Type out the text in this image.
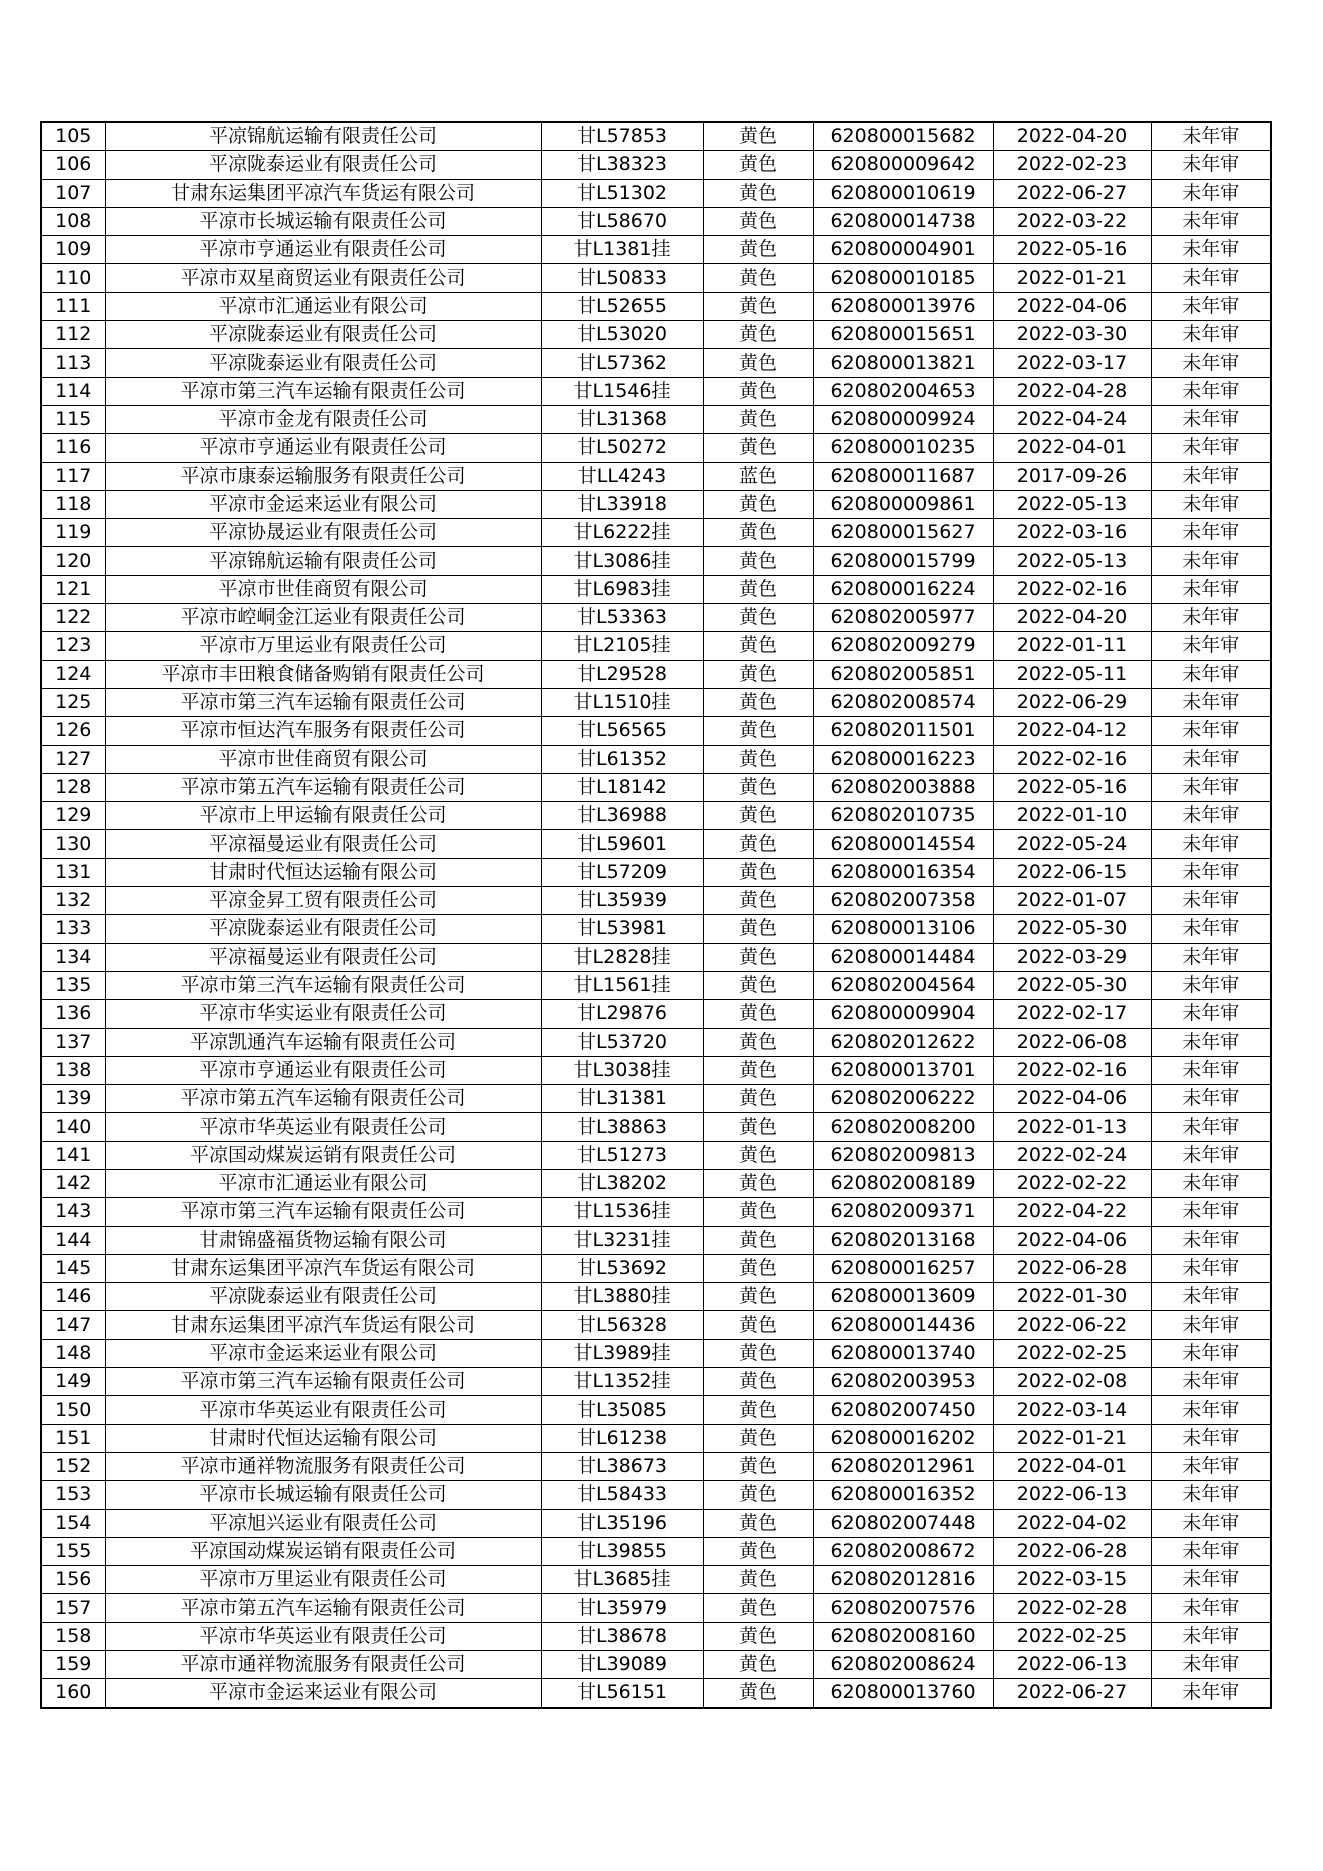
105	平凉锦航运输有限责任公司	甘L57853	黄色	620800015682	2022-04-20	未年审
106	平凉陇泰运业有限责任公司	甘L38323	黄色	620800009642	2022-02-23	未年审
107	甘肃东运集团平凉汽车货运有限公司	甘L51302	黄色	620800010619	2022-06-27	未年审
108	平凉市长城运输有限责任公司	甘L58670	黄色	620800014738	2022-03-22	未年审
109	平凉市亨通运业有限责任公司	甘L1381挂	黄色	620800004901	2022-05-16	未年审
110	平凉市双星商贸运业有限责任公司	甘L50833	黄色	620800010185	2022-01-21	未年审
111	平凉市汇通运业有限公司	甘L52655	黄色	620800013976	2022-04-06	未年审
112	平凉陇泰运业有限责任公司	甘L53020	黄色	620800015651	2022-03-30	未年审
113	平凉陇泰运业有限责任公司	甘L57362	黄色	620800013821	2022-03-17	未年审
114	平凉市第三汽车运输有限责任公司	甘L1546挂	黄色	620802004653	2022-04-28	未年审
115	平凉市金龙有限责任公司	甘L31368	黄色	620800009924	2022-04-24	未年审
116	平凉市亨通运业有限责任公司	甘L50272	黄色	620800010235	2022-04-01	未年审
117	平凉市康泰运输服务有限责任公司	甘LL4243	蓝色	620800011687	2017-09-26	未年审
118	平凉市金运来运业有限公司	甘L33918	黄色	620800009861	2022-05-13	未年审
119	平凉协晟运业有限责任公司	甘L6222挂	黄色	620800015627	2022-03-16	未年审
120	平凉锦航运输有限责任公司	甘L3086挂	黄色	620800015799	2022-05-13	未年审
121	平凉市世佳商贸有限公司	甘L6983挂	黄色	620800016224	2022-02-16	未年审
122	平凉市崆峒金江运业有限责任公司	甘L53363	黄色	620802005977	2022-04-20	未年审
123	平凉市万里运业有限责任公司	甘L2105挂	黄色	620802009279	2022-01-11	未年审
124	平凉市丰田粮食储备购销有限责任公司	甘L29528	黄色	620802005851	2022-05-11	未年审
125	平凉市第三汽车运输有限责任公司	甘L1510挂	黄色	620802008574	2022-06-29	未年审
126	平凉市恒达汽车服务有限责任公司	甘L56565	黄色	620802011501	2022-04-12	未年审
127	平凉市世佳商贸有限公司	甘L61352	黄色	620800016223	2022-02-16	未年审
128	平凉市第五汽车运输有限责任公司	甘L18142	黄色	620802003888	2022-05-16	未年审
129	平凉市上甲运输有限责任公司	甘L36988	黄色	620802010735	2022-01-10	未年审
130	平凉福曼运业有限责任公司	甘L59601	黄色	620800014554	2022-05-24	未年审
131	甘肃时代恒达运输有限公司	甘L57209	黄色	620800016354	2022-06-15	未年审
132	平凉金昇工贸有限责任公司	甘L35939	黄色	620802007358	2022-01-07	未年审
133	平凉陇泰运业有限责任公司	甘L53981	黄色	620800013106	2022-05-30	未年审
134	平凉福曼运业有限责任公司	甘L2828挂	黄色	620800014484	2022-03-29	未年审
135	平凉市第三汽车运输有限责任公司	甘L1561挂	黄色	620802004564	2022-05-30	未年审
136	平凉市华实运业有限责任公司	甘L29876	黄色	620800009904	2022-02-17	未年审
137	平凉凯通汽车运输有限责任公司	甘L53720	黄色	620802012622	2022-06-08	未年审
138	平凉市亨通运业有限责任公司	甘L3038挂	黄色	620800013701	2022-02-16	未年审
139	平凉市第五汽车运输有限责任公司	甘L31381	黄色	620802006222	2022-04-06	未年审
140	平凉市华英运业有限责任公司	甘L38863	黄色	620802008200	2022-01-13	未年审
141	平凉国动煤炭运销有限责任公司	甘L51273	黄色	620802009813	2022-02-24	未年审
142	平凉市汇通运业有限公司	甘L38202	黄色	620802008189	2022-02-22	未年审
143	平凉市第三汽车运输有限责任公司	甘L1536挂	黄色	620802009371	2022-04-22	未年审
144	甘肃锦盛福货物运输有限公司	甘L3231挂	黄色	620802013168	2022-04-06	未年审
145	甘肃东运集团平凉汽车货运有限公司	甘L53692	黄色	620800016257	2022-06-28	未年审
146	平凉陇泰运业有限责任公司	甘L3880挂	黄色	620800013609	2022-01-30	未年审
147	甘肃东运集团平凉汽车货运有限公司	甘L56328	黄色	620800014436	2022-06-22	未年审
148	平凉市金运来运业有限公司	甘L3989挂	黄色	620800013740	2022-02-25	未年审
149	平凉市第三汽车运输有限责任公司	甘L1352挂	黄色	620802003953	2022-02-08	未年审
150	平凉市华英运业有限责任公司	甘L35085	黄色	620802007450	2022-03-14	未年审
151	甘肃时代恒达运输有限公司	甘L61238	黄色	620800016202	2022-01-21	未年审
152	平凉市通祥物流服务有限责任公司	甘L38673	黄色	620802012961	2022-04-01	未年审
153	平凉市长城运输有限责任公司	甘L58433	黄色	620800016352	2022-06-13	未年审
154	平凉旭兴运业有限责任公司	甘L35196	黄色	620802007448	2022-04-02	未年审
155	平凉国动煤炭运销有限责任公司	甘L39855	黄色	620802008672	2022-06-28	未年审
156	平凉市万里运业有限责任公司	甘L3685挂	黄色	620802012816	2022-03-15	未年审
157	平凉市第五汽车运输有限责任公司	甘L35979	黄色	620802007576	2022-02-28	未年审
158	平凉市华英运业有限责任公司	甘L38678	黄色	620802008160	2022-02-25	未年审
159	平凉市通祥物流服务有限责任公司	甘L39089	黄色	620802008624	2022-06-13	未年审
160	平凉市金运来运业有限公司	甘L56151	黄色	620800013760	2022-06-27	未年审
